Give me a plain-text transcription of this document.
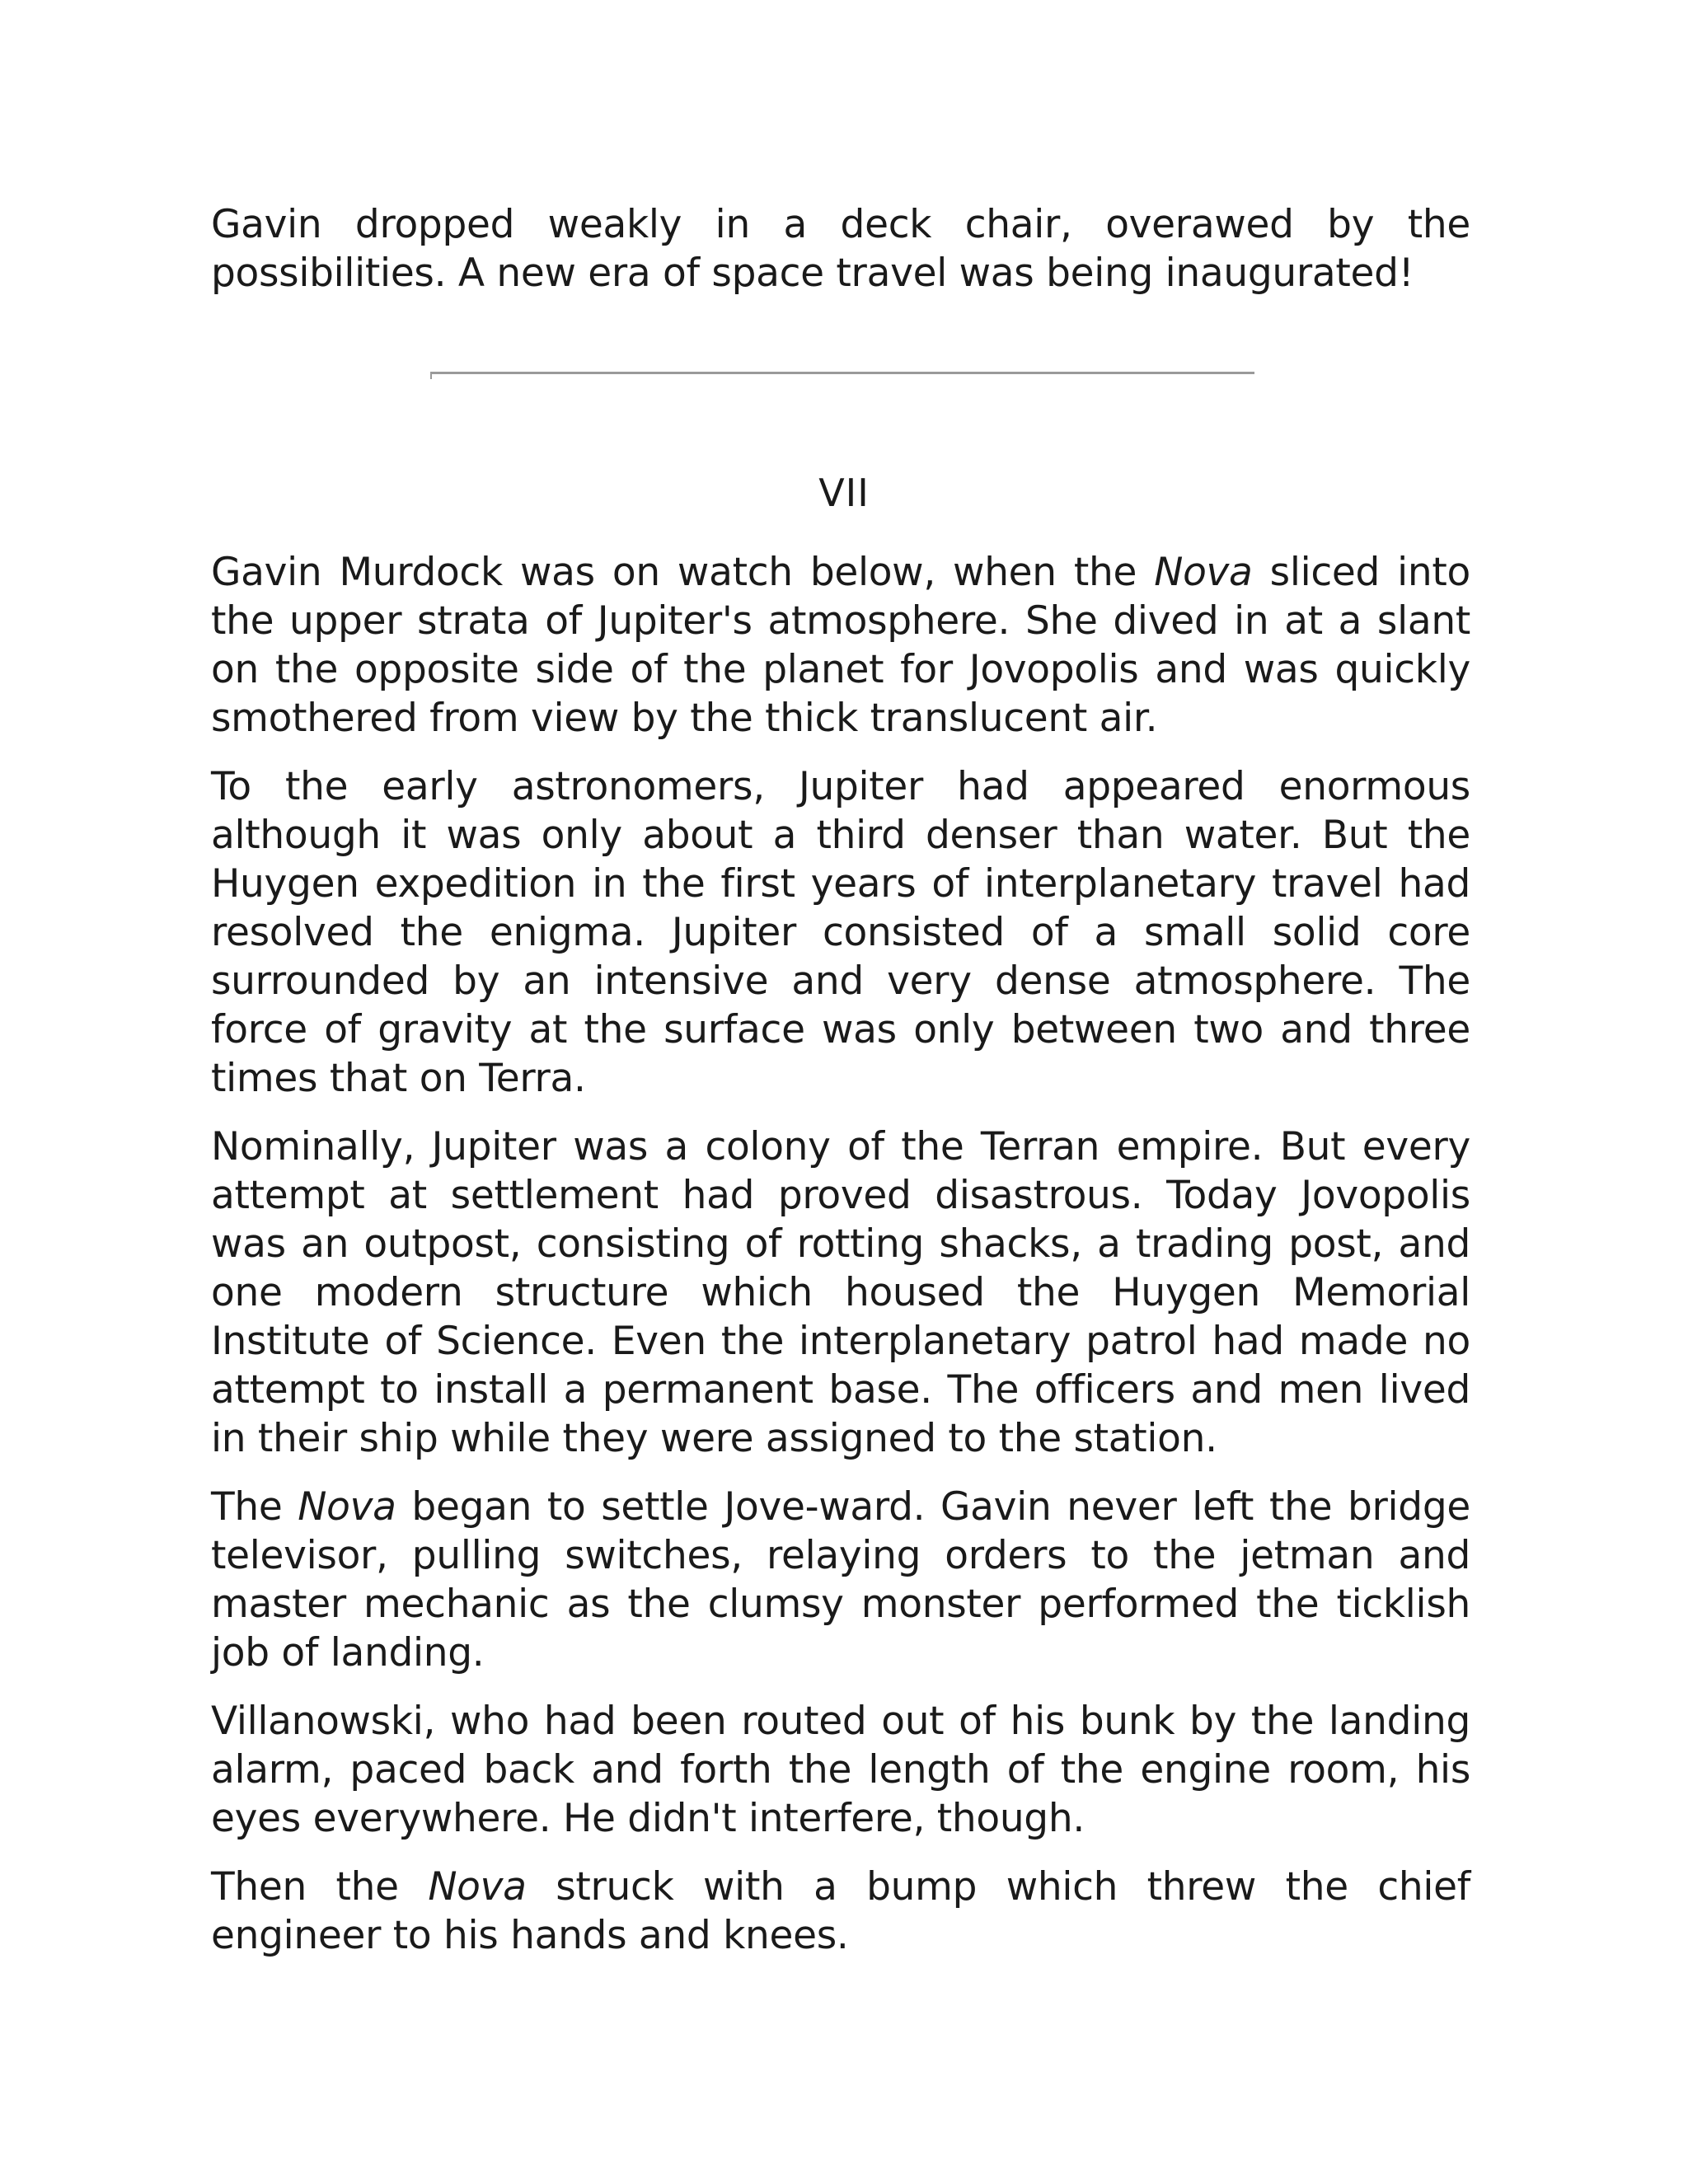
Gavin dropped weakly in a deck chair, overawed by the possibilities. A new era of space travel was being inaugurated!

VII

Gavin Murdock was on watch below, when the Nova sliced into the upper strata of Jupiter's atmosphere. She dived in at a slant on the opposite side of the planet for Jovopolis and was quickly smothered from view by the thick translucent air.

To the early astronomers, Jupiter had appeared enormous although it was only about a third denser than water. But the Huygen expedition in the first years of interplanetary travel had resolved the enigma. Jupiter consisted of a small solid core surrounded by an intensive and very dense atmosphere. The force of gravity at the surface was only between two and three times that on Terra.

Nominally, Jupiter was a colony of the Terran empire. But every attempt at settlement had proved disastrous. Today Jovopolis was an outpost, consisting of rotting shacks, a trading post, and one modern structure which housed the Huygen Memorial Institute of Science. Even the interplanetary patrol had made no attempt to install a permanent base. The officers and men lived in their ship while they were assigned to the station.

The Nova began to settle Jove-ward. Gavin never left the bridge televisor, pulling switches, relaying orders to the jetman and master mechanic as the clumsy monster performed the ticklish job of landing.

Villanowski, who had been routed out of his bunk by the landing alarm, paced back and forth the length of the engine room, his eyes everywhere. He didn't interfere, though.

Then the Nova struck with a bump which threw the chief engineer to his hands and knees.
